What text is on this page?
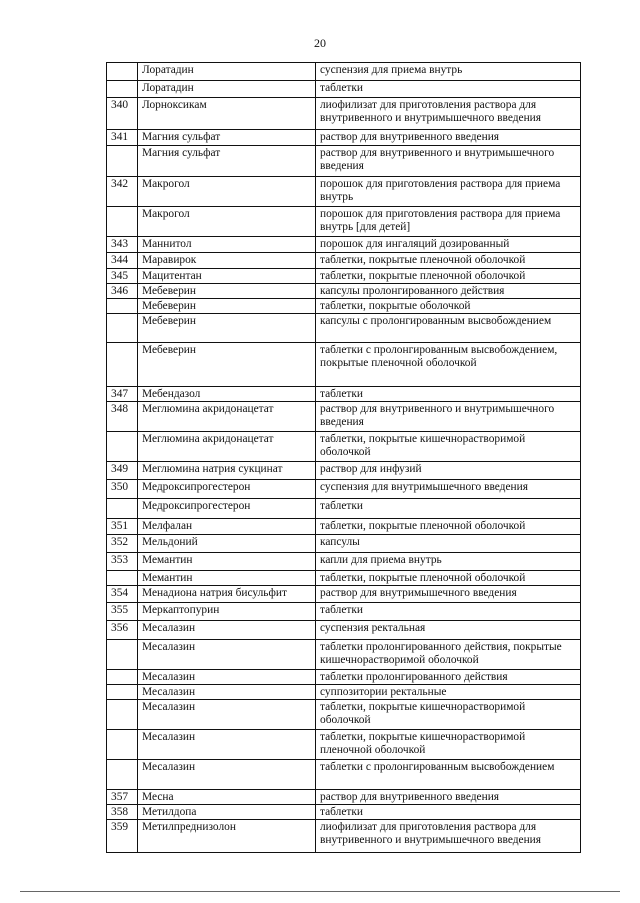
20
	Лоратадин	суспензия для приема внутрь
	Лоратадин	таблетки
340	Лорноксикам	лиофилизат для приготовления раствора для внутривенного и внутримышечного введения
341	Магния сульфат	раствор для внутривенного введения
	Магния сульфат	раствор для внутривенного и внутримышечного введения
342	Макрогол	порошок для приготовления раствора для приема внутрь
	Макрогол	порошок для приготовления раствора для приема внутрь [для детей]
343	Маннитол	порошок для ингаляций дозированный
344	Маравирок	таблетки, покрытые пленочной оболочкой
345	Мацитентан	таблетки, покрытые пленочной оболочкой
346	Мебеверин	капсулы пролонгированного действия
	Мебеверин	таблетки, покрытые оболочкой
	Мебеверин	капсулы с пролонгированным высвобождением
	Мебеверин	таблетки с пролонгированным высвобождением, покрытые пленочной оболочкой
347	Мебендазол	таблетки
348	Меглюмина акридонацетат	раствор для внутривенного и внутримышечного введения
	Меглюмина акридонацетат	таблетки, покрытые кишечнорастворимой оболочкой
349	Меглюмина натрия сукцинат	раствор для инфузий
350	Медроксипрогестерон	суспензия для внутримышечного введения
	Медроксипрогестерон	таблетки
351	Мелфалан	таблетки, покрытые пленочной оболочкой
352	Мельдоний	капсулы
353	Мемантин	капли для приема внутрь
	Мемантин	таблетки, покрытые пленочной оболочкой
354	Менадиона натрия бисульфит	раствор для внутримышечного введения
355	Меркаптопурин	таблетки
356	Месалазин	суспензия ректальная
	Месалазин	таблетки пролонгированного действия, покрытые кишечнорастворимой оболочкой
	Месалазин	таблетки пролонгированного действия
	Месалазин	суппозитории ректальные
	Месалазин	таблетки, покрытые кишечнорастворимой оболочкой
	Месалазин	таблетки, покрытые кишечнорастворимой пленочной оболочкой
	Месалазин	таблетки с пролонгированным высвобождением
357	Месна	раствор для внутривенного введения
358	Метилдопа	таблетки
359	Метилпреднизолон	лиофилизат для приготовления раствора для внутривенного и внутримышечного введения
